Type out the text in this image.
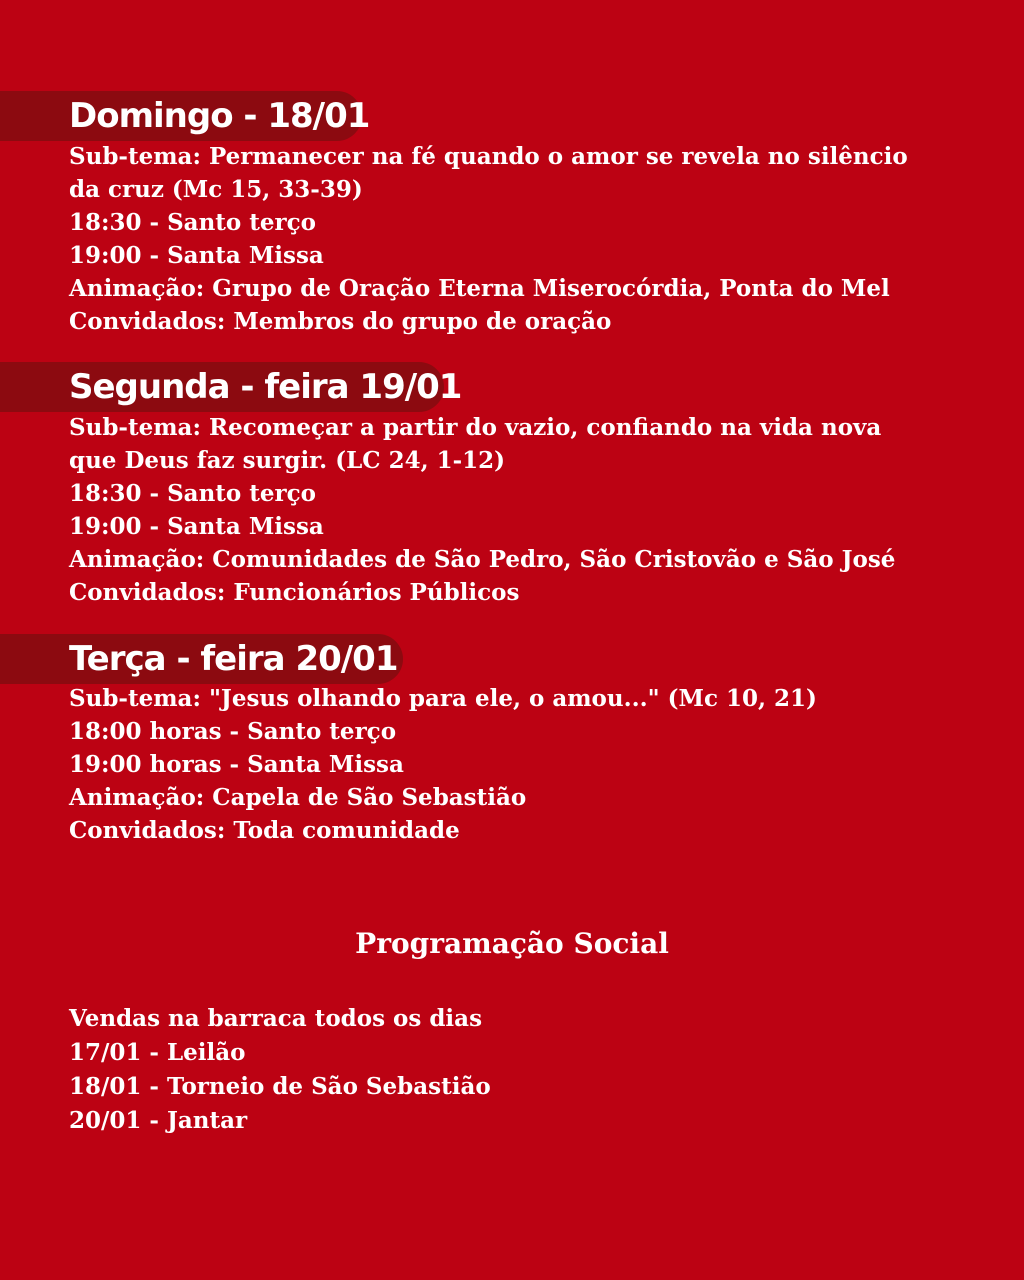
Domingo - 18/01
Sub-tema: Permanecer na fé quando o amor se revela no silêncio
da cruz (Mc 15, 33-39)
18:30 - Santo terço
19:00 - Santa Missa
Animação: Grupo de Oração Eterna Miserocórdia, Ponta do Mel
Convidados: Membros do grupo de oração
Segunda - feira 19/01
Sub-tema: Recomeçar a partir do vazio, confiando na vida nova
que Deus faz surgir. (LC 24, 1-12)
18:30 - Santo terço
19:00 - Santa Missa
Animação: Comunidades de São Pedro, São Cristovão e São José
Convidados: Funcionários Públicos
Terça - feira 20/01
Sub-tema: "Jesus olhando para ele, o amou..." (Mc 10, 21)
18:00 horas - Santo terço
19:00 horas - Santa Missa
Animação: Capela de São Sebastião
Convidados: Toda comunidade
Programação Social
Vendas na barraca todos os dias
17/01 - Leilão
18/01 - Torneio de São Sebastião
20/01 - Jantar
